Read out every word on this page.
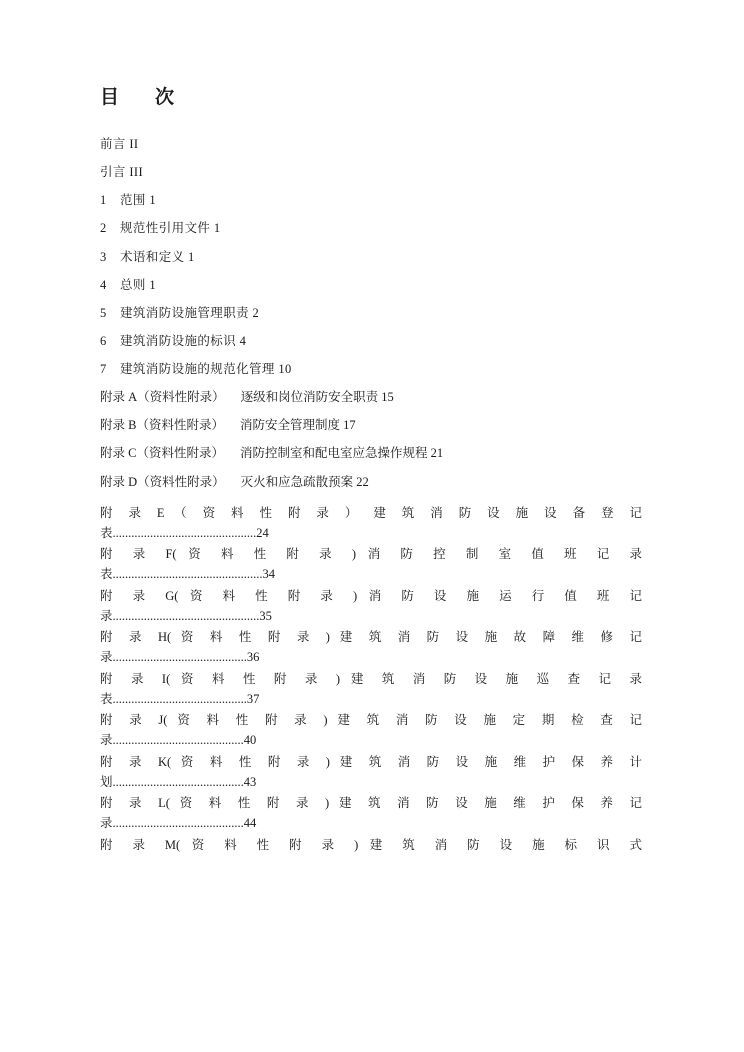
目 次
前言 II
引言 III
1 范围 1
2 规范性引用文件 1
3 术语和定义 1
4 总则 1
5 建筑消防设施管理职责 2
6 建筑消防设施的标识 4
7 建筑消防设施的规范化管理 10
附录 A（资料性附录） 逐级和岗位消防安全职责 15
附录 B（资料性附录） 消防安全管理制度 17
附录 C（资料性附录） 消防控制室和配电室应急操作规程 21
附录 D（资料性附录） 灭火和应急疏散预案 22
附 录 E （ 资 料 性 附 录 ） 建 筑 消 防 设 施 设 备 登 记
表..............................................24
附 录 F( 资 料 性 附 录 ) 消 防 控 制 室 值 班 记 录
表................................................34
附 录 G( 资 料 性 附 录 ) 消 防 设 施 运 行 值 班 记
录...............................................35
附 录 H( 资 料 性 附 录 ) 建 筑 消 防 设 施 故 障 维 修 记
录...........................................36
附 录 I( 资 料 性 附 录 ) 建 筑 消 防 设 施 巡 查 记 录
表...........................................37
附 录 J( 资 料 性 附 录 ) 建 筑 消 防 设 施 定 期 检 查 记
录..........................................40
附 录 K( 资 料 性 附 录 ) 建 筑 消 防 设 施 维 护 保 养 计
划..........................................43
附 录 L( 资 料 性 附 录 ) 建 筑 消 防 设 施 维 护 保 养 记
录..........................................44
附 录 M( 资 料 性 附 录 ) 建 筑 消 防 设 施 标 识 式
